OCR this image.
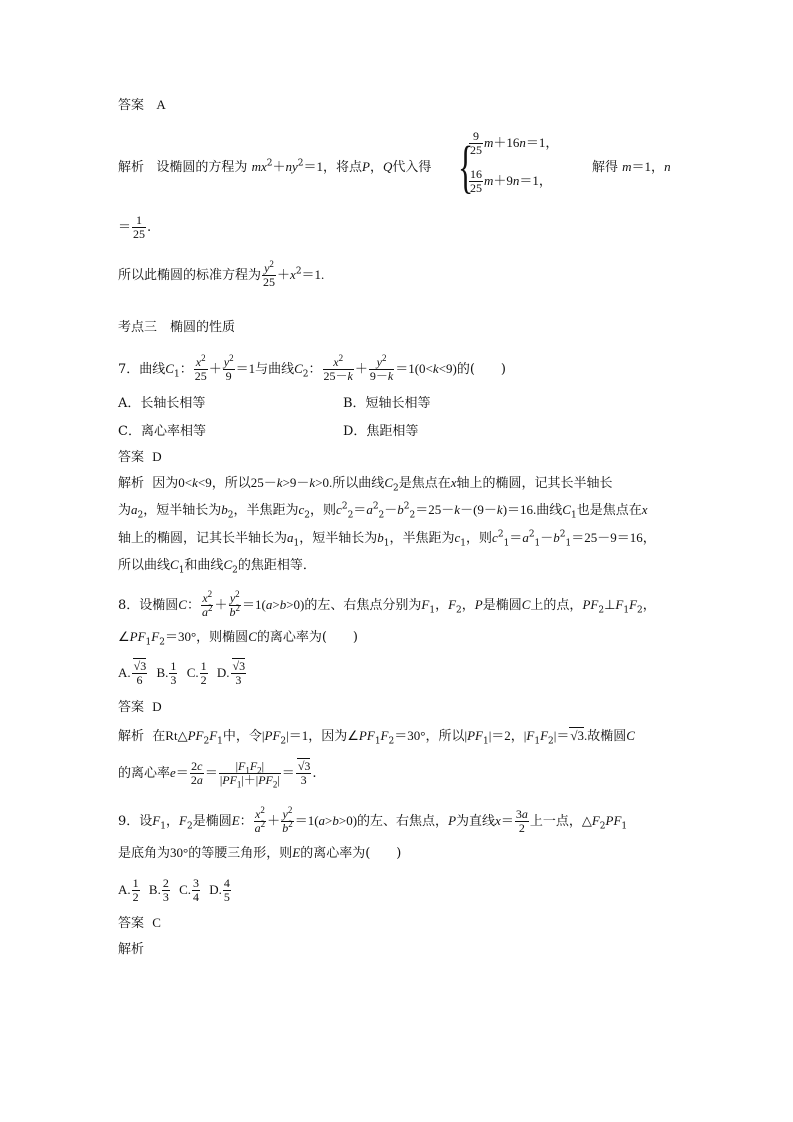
答案 A
解析 设椭圆的方程为 $mx^2+ny^2=1$，将点P，Q代入得 {
$\frac{9}{25} m+16n=1$，
$\frac{16}{25} m+9n=1$，
解得 m＝1，n
＝ $\frac{1}{25}$ .
所以此椭圆的标准方程为 $\frac{y^2}{25} +x^2=1$.
考点三　椭圆的性质
7．曲线$C_1$： $\frac{x^2}{25} + \frac{y^2}{9} =1$与曲线$C_2$： $\frac{x^2}{25-k} + \frac{y^2}{9-k} =1(0<k<9)$的(　　)
A．长轴长相等	B．短轴长相等
C．离心率相等	D．焦距相等
答案 D
解析 因为0<k<9，所以25－k>9－k>0.所以曲线$C_2$是焦点在x轴上的椭圆，记其长半轴长
为$a_2$，短半轴长为$b_2$，半焦距为$c_2$，则$c^2_2=a^2_2-b^2_2=25-k-(9-k)=16$.曲线$C_1$也是焦点在x
轴上的椭圆，记其长半轴长为$a_1$，短半轴长为$b_1$，半焦距为$c_1$，则$c^2_1=a^2_1-b^2_1=25-9=16$，
所以曲线$C_1$和曲线$C_2$的焦距相等．
8．设椭圆C： $\frac{x^2}{a^2} + \frac{y^2}{b^2} =1(a>b>0)$的左、右焦点分别为$F_1$，$F_2$，P是椭圆C上的点，$PF_2\perp F_1F_2$，
$\angle PF_1F_2=30^\circ$，则椭圆C的离心率为(　　)
A. $\frac{√3}{6} B$. $\frac{1}{3} C$. $\frac{1}{2} D$. $\frac{√3}{3}$
答案 D
解析 在$Rt\triangle PF_2F_1$中，令$|PF_2|=1$，因为$\angle PF_1F_2=30^\circ$，所以$|PF_1|=2$，$|F_1F_2|=√3$.故椭圆C
的离心率$e= \frac{2c}{2a} = \frac{|F_1F_2|}{|PF_1|+|PF_2|} = \frac{√3}{3}$ .
9．设$F_1$，$F_2$是椭圆E： $\frac{x^2}{a^2} + \frac{y^2}{b^2} =1(a>b>0)$的左、右焦点，P为直线$x= \frac{3a}{2}$ 上一点，$\triangle F_2PF_1$
是底角为30°的等腰三角形，则E的离心率为(　　)
A. $\frac{1}{2} B$. $\frac{2}{3} C$. $\frac{3}{4} D$. $\frac{4}{5}$
答案 C
解析
